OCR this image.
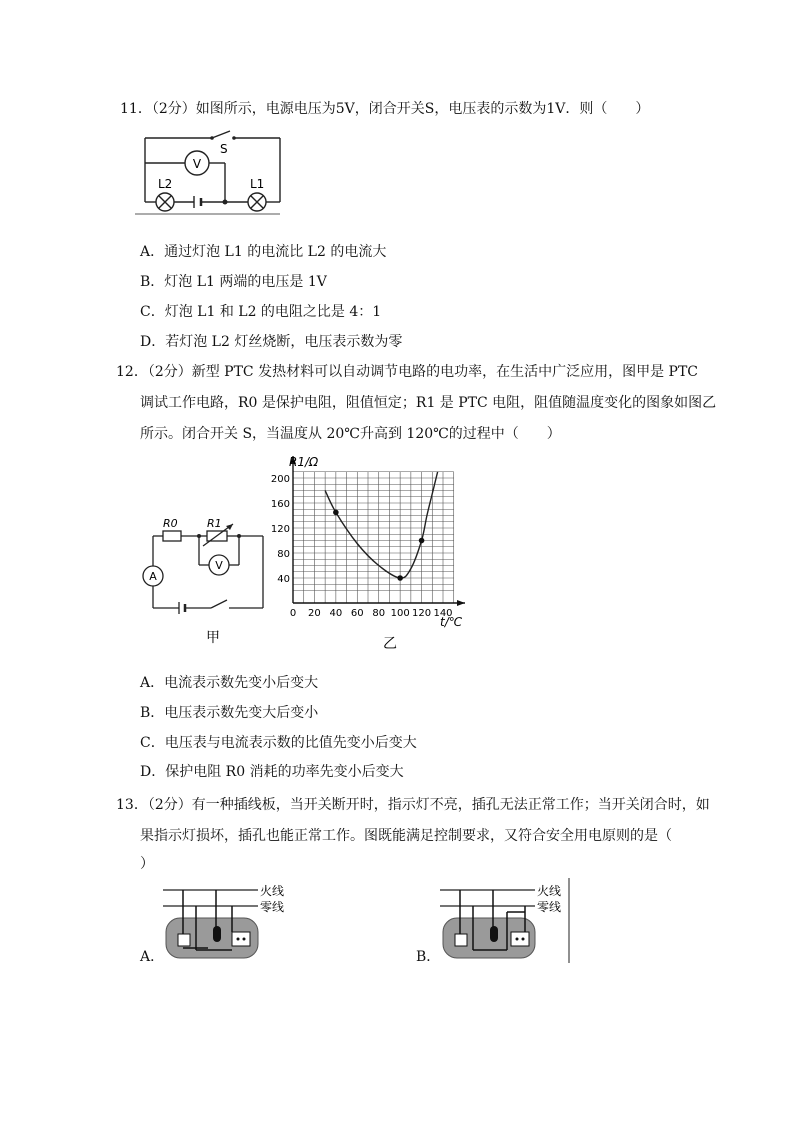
11．（2分）如图所示，电源电压为5V，闭合开关S，电压表的示数为1V．则（　　）
V
S
L2	L1
A．通过灯泡 L1 的电流比 L2 的电流大
B．灯泡 L1 两端的电压是 1V
C．灯泡 L1 和 L2 的电阻之比是 4：1
D．若灯泡 L2 灯丝烧断，电压表示数为零
12．（2分）新型 PTC 发热材料可以自动调节电路的电功率，在生活中广泛应用，图甲是 PTC
调试工作电路，R0 是保护电阻，阻值恒定；R1 是 PTC 电阻，阻值随温度变化的图象如图乙
所示。闭合开关 S，当温度从 20℃升高到 120℃的过程中（　　）
R0	R1
A
V
甲
0 20 40 60 80 100 120 140
40
80
120
160
200
R1/Ω
t/℃
乙
A．电流表示数先变小后变大
B．电压表示数先变大后变小
C．电压表与电流表示数的比值先变小后变大
D．保护电阻 R0 消耗的功率先变小后变大
13．（2分）有一种插线板，当开关断开时，指示灯不亮，插孔无法正常工作；当开关闭合时，如
果指示灯损坏，插孔也能正常工作。图既能满足控制要求，又符合安全用电原则的是（
）
A．
火线
零线
B．
火线
零线
